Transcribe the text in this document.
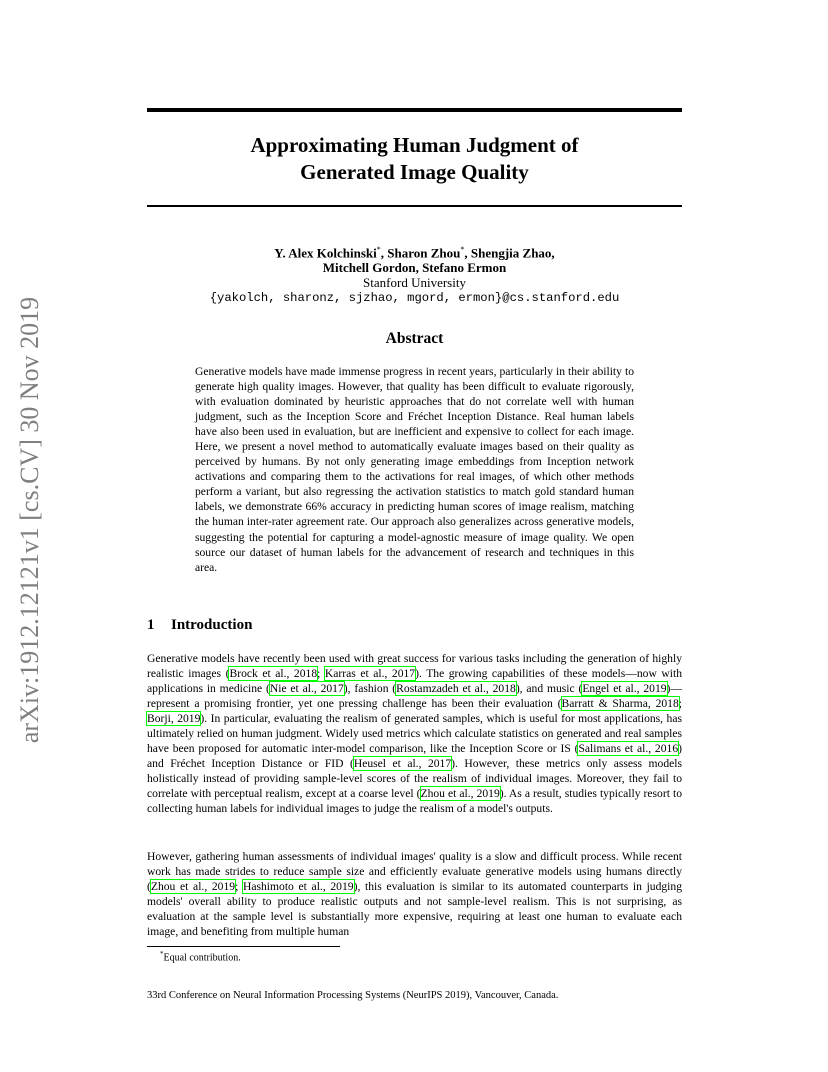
arXiv:1912.12121v1 [cs.CV] 30 Nov 2019
Approximating Human Judgment of
Generated Image Quality
Y. Alex Kolchinski*, Sharon Zhou*, Shengjia Zhao,
Mitchell Gordon, Stefano Ermon
Stanford University
{yakolch, sharonz, sjzhao, mgord, ermon}@cs.stanford.edu
Abstract
Generative models have made immense progress in recent years, particularly in their ability to generate high quality images. However, that quality has been difficult to evaluate rigorously, with evaluation dominated by heuristic approaches that do not correlate well with human judgment, such as the Inception Score and Fréchet Inception Distance. Real human labels have also been used in evaluation, but are inefficient and expensive to collect for each image. Here, we present a novel method to automatically evaluate images based on their quality as perceived by humans. By not only generating image embeddings from Inception network activations and comparing them to the activations for real images, of which other methods perform a variant, but also regressing the activation statistics to match gold standard human labels, we demonstrate 66% accuracy in predicting human scores of image realism, matching the human inter-rater agreement rate. Our approach also generalizes across generative models, suggesting the potential for capturing a model-agnostic measure of image quality. We open source our dataset of human labels for the advancement of research and techniques in this area.
1 Introduction
Generative models have recently been used with great success for various tasks including the generation of highly realistic images (Brock et al., 2018; Karras et al., 2017). The growing capabilities of these models—now with applications in medicine (Nie et al., 2017), fashion (Rostamzadeh et al., 2018), and music (Engel et al., 2019)—represent a promising frontier, yet one pressing challenge has been their evaluation (Barratt & Sharma, 2018; Borji, 2019). In particular, evaluating the realism of generated samples, which is useful for most applications, has ultimately relied on human judgment. Widely used metrics which calculate statistics on generated and real samples have been proposed for automatic inter-model comparison, like the Inception Score or IS (Salimans et al., 2016) and Fréchet Inception Distance or FID (Heusel et al., 2017). However, these metrics only assess models holistically instead of providing sample-level scores of the realism of individual images. Moreover, they fail to correlate with perceptual realism, except at a coarse level (Zhou et al., 2019). As a result, studies typically resort to collecting human labels for individual images to judge the realism of a model's outputs.
However, gathering human assessments of individual images' quality is a slow and difficult process. While recent work has made strides to reduce sample size and efficiently evaluate generative models using humans directly (Zhou et al., 2019; Hashimoto et al., 2019), this evaluation is similar to its automated counterparts in judging models' overall ability to produce realistic outputs and not sample-level realism. This is not surprising, as evaluation at the sample level is substantially more expensive, requiring at least one human to evaluate each image, and benefiting from multiple human
*Equal contribution.
33rd Conference on Neural Information Processing Systems (NeurIPS 2019), Vancouver, Canada.
